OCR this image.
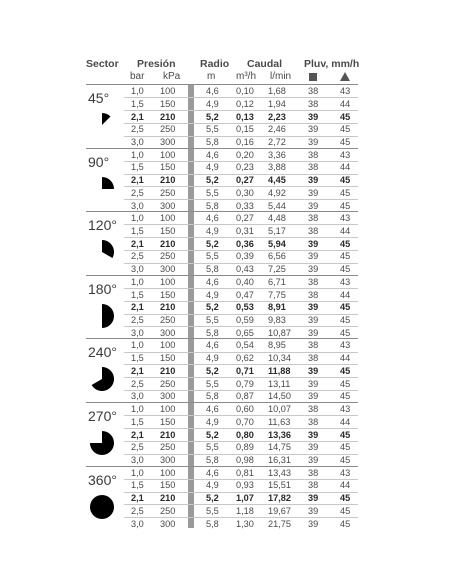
Sector Presión Radio Caudal Pluv, mm/h
bar kPa	m m³/h l/min
45° 1,0	100	4,6	0,10	1,68	38	43
1,5	150	4,9	0,12	1,94	38	44
2,1	210	5,2	0,13	2,23	39	45
2,5	250	5,5	0,15	2,46	39	45
3,0	300	5,8	0,16	2,72	39	45
90° 1,0	100	4,6	0,20	3,36	38	43
1,5	150	4,9	0,23	3,88	38	44
2,1	210	5,2	0,27	4,45	39	45
2,5	250	5,5	0,30	4,92	39	45
3,0	300	5,8	0,33	5,44	39	45
120° 1,0	100	4,6	0,27	4,48	38	43
1,5	150	4,9	0,31	5,17	38	44
2,1	210	5,2	0,36	5,94	39	45
2,5	250	5,5	0,39	6,56	39	45
3,0	300	5,8	0,43	7,25	39	45
180° 1,0	100	4,6	0,40	6,71	38	43
1,5	150	4,9	0,47	7,75	38	44
2,1	210	5,2	0,53	8,91	39	45
2,5	250	5,5	0,59	9,83	39	45
3,0	300	5,8	0,65	10,87	39	45
240° 1,0	100	4,6	0,54	8,95	38	43
1,5	150	4,9	0,62	10,34	38	44
2,1	210	5,2	0,71	11,88	39	45
2,5	250	5,5	0,79	13,11	39	45
3,0	300	5,8	0,87	14,50	39	45
270° 1,0	100	4,6	0,60	10,07	38	43
1,5	150	4,9	0,70	11,63	38	44
2,1	210	5,2	0,80	13,36	39	45
2,5	250	5,5	0,89	14,75	39	45
3,0	300	5,8	0,98	16,31	39	45
360° 1,0	100	4,6	0,81	13,43	38	43
1,5	150	4,9	0,93	15,51	38	44
2,1	210	5,2	1,07	17,82	39	45
2,5	250	5,5	1,18	19,67	39	45
3,0	300	5,8	1,30	21,75	39	45
